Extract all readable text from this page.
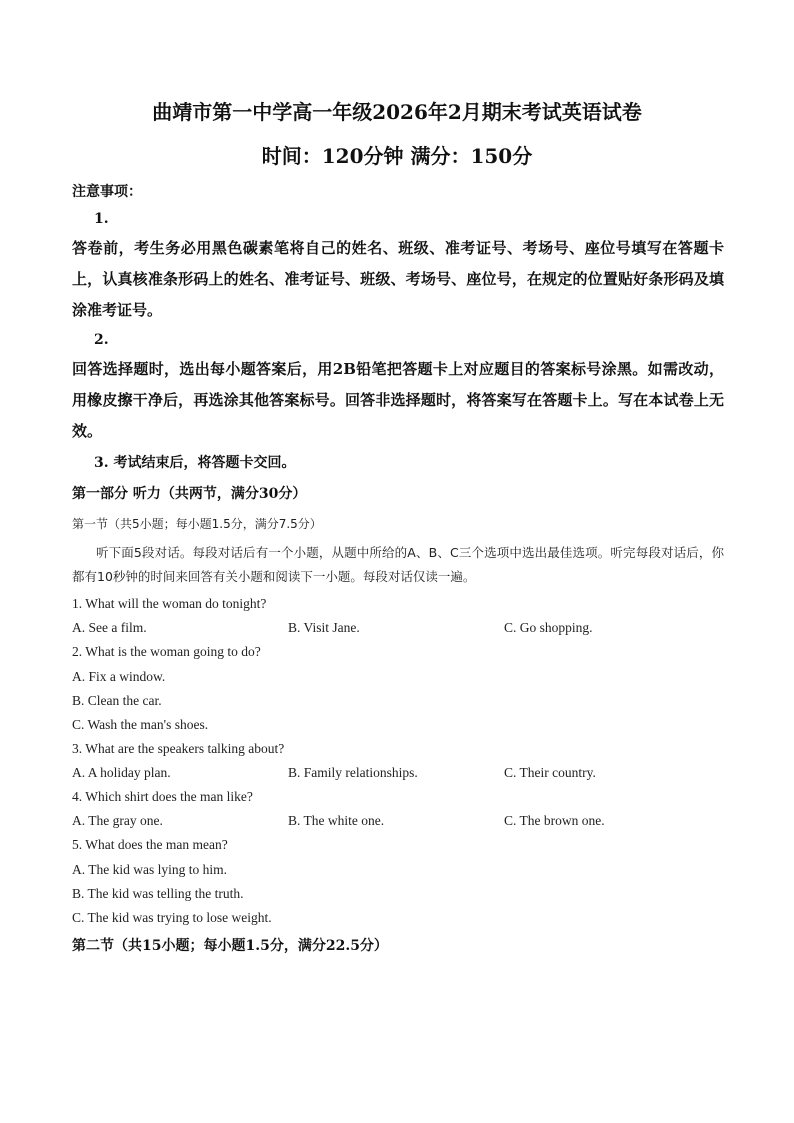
曲靖市第一中学高一年级2026年2月期末考试英语试卷
时间：120分钟 满分：150分
注意事项：
1.
答卷前，考生务必用黑色碳素笔将自己的姓名、班级、准考证号、考场号、座位号填写在答题卡上，认真核准条形码上的姓名、准考证号、班级、考场号、座位号，在规定的位置贴好条形码及填涂准考证号。
2.
回答选择题时，选出每小题答案后，用2B铅笔把答题卡上对应题目的答案标号涂黑。如需改动，用橡皮擦干净后，再选涂其他答案标号。回答非选择题时，将答案写在答题卡上。写在本试卷上无效。
3. 考试结束后，将答题卡交回。
第一部分 听力（共两节，满分30分）
第一节（共5小题；每小题1.5分，满分7.5分）
听下面5段对话。每段对话后有一个小题，从题中所给的A、B、C三个选项中选出最佳选项。听完每段对话后，你都有10秒钟的时间来回答有关小题和阅读下一小题。每段对话仅读一遍。
1. What will the woman do tonight?
A. See a film.	B. Visit Jane.	C. Go shopping.
2. What is the woman going to do?
A. Fix a window.
B. Clean the car.
C. Wash the man's shoes.
3. What are the speakers talking about?
A. A holiday plan.	B. Family relationships.	C. Their country.
4. Which shirt does the man like?
A. The gray one.	B. The white one.	C. The brown one.
5. What does the man mean?
A. The kid was lying to him.
B. The kid was telling the truth.
C. The kid was trying to lose weight.
第二节（共15小题；每小题1.5分，满分22.5分）
